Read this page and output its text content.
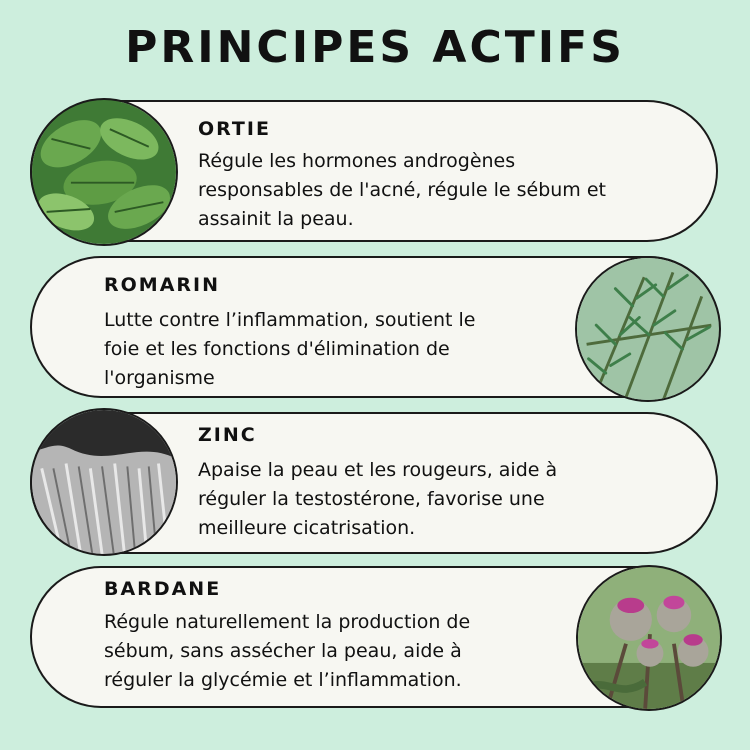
PRINCIPES ACTIFS
ORTIE
Régule les hormones androgènes
responsables de l'acné, régule le sébum et
assainit la peau.
ROMARIN
Lutte contre l’inflammation, soutient le
foie et les fonctions d'élimination de
l'organisme
ZINC
Apaise la peau et les rougeurs, aide à
réguler la testostérone, favorise une
meilleure cicatrisation.
BARDANE
Régule naturellement la production de
sébum, sans assécher la peau, aide à
réguler la glycémie et l’inflammation.
